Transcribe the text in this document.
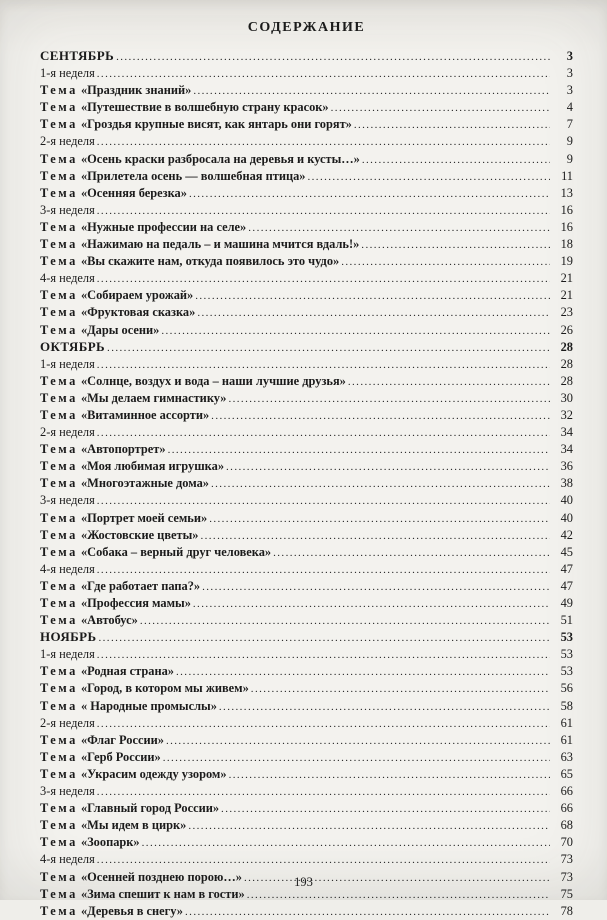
СОДЕРЖАНИЕ
СЕНТЯБРЬ .....	3
1-я неделя .....	3
Тема «Праздник знаний» .....	3
Тема «Путешествие в волшебную страну красок» .....	4
Тема «Гроздья крупные висят, как янтарь они горят» .....	7
2-я неделя .....	9
Тема «Осень краски разбросала на деревья и кусты…» .....	9
Тема «Прилетела осень — волшебная птица» .....	11
Тема «Осенняя березка» .....	13
3-я неделя .....	16
Тема «Нужные профессии на селе» .....	16
Тема «Нажимаю на педаль – и машина мчится вдаль!» .....	18
Тема «Вы скажите нам, откуда появилось это чудо» .....	19
4-я неделя .....	21
Тема «Собираем урожай» .....	21
Тема «Фруктовая сказка» .....	23
Тема «Дары осени» .....	26
ОКТЯБРЬ .....	28
1-я неделя .....	28
Тема «Солнце, воздух и вода – наши лучшие друзья» .....	28
Тема «Мы делаем гимнастику» .....	30
Тема «Витаминное ассорти» .....	32
2-я неделя .....	34
Тема «Автопортрет» .....	34
Тема «Моя любимая игрушка» .....	36
Тема «Многоэтажные дома» .....	38
3-я неделя .....	40
Тема «Портрет моей семьи» .....	40
Тема «Жостовские цветы» .....	42
Тема «Собака – верный друг человека» .....	45
4-я неделя .....	47
Тема «Где работает папа?» .....	47
Тема «Профессия мамы» .....	49
Тема «Автобус» .....	51
НОЯБРЬ .....	53
1-я неделя .....	53
Тема «Родная страна» .....	53
Тема «Город, в котором мы живем» .....	56
Тема « Народные промыслы» .....	58
2-я неделя .....	61
Тема «Флаг России» .....	61
Тема «Герб России» .....	63
Тема «Украсим одежду узором» .....	65
3-я неделя .....	66
Тема «Главный город России» .....	66
Тема «Мы идем в цирк» .....	68
Тема «Зоопарк» .....	70
4-я неделя .....	73
Тема «Осенней позднею порою…» .....	73
Тема «Зима спешит к нам в гости» .....	75
Тема «Деревья в снегу» .....	78
193
